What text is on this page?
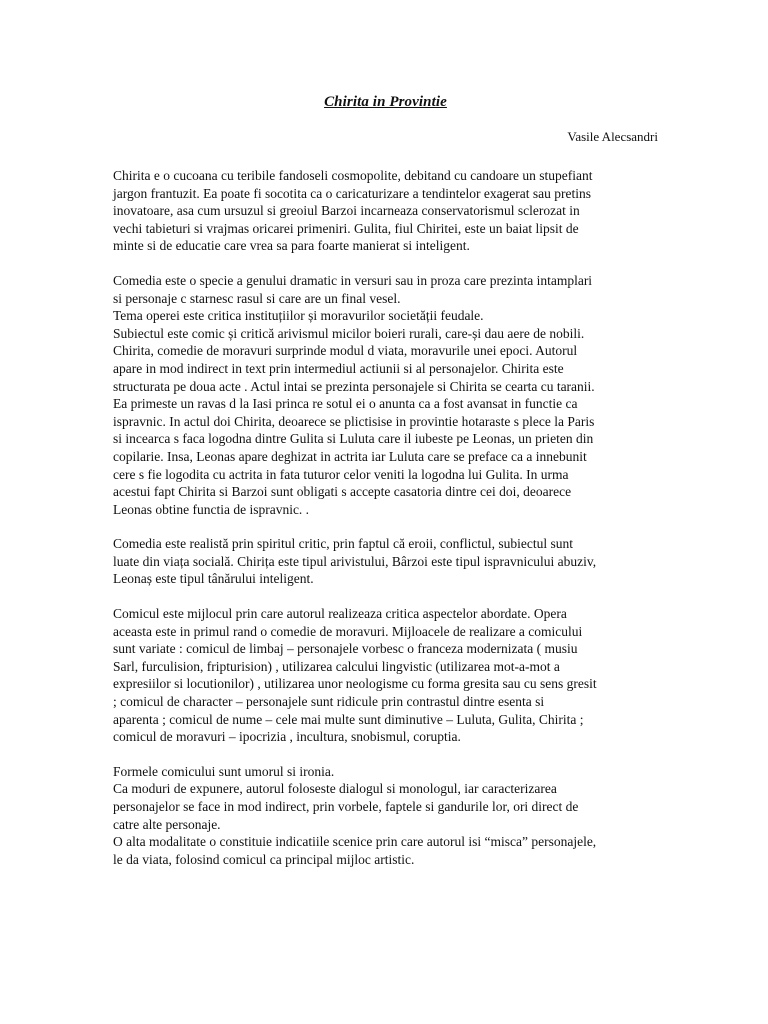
Chirita in Provintie
Vasile Alecsandri
Chirita e o cucoana cu teribile fandoseli cosmopolite, debitand cu candoare un stupefiant
jargon frantuzit. Ea poate fi socotita ca o caricaturizare a tendintelor exagerat sau pretins
inovatoare, asa cum ursuzul si greoiul Barzoi incarneaza conservatorismul sclerozat in
vechi tabieturi si vrajmas oricarei primeniri. Gulita, fiul Chiritei, este un baiat lipsit de
minte si de educatie care vrea sa para foarte manierat si inteligent.
Comedia este o specie a genului dramatic in versuri sau in proza care prezinta intamplari
si personaje c starnesc rasul si care are un final vesel.
Tema operei este critica instituțiilor și moravurilor societății feudale.
Subiectul este comic și critică arivismul micilor boieri rurali, care-și dau aere de nobili.
Chirita, comedie de moravuri surprinde modul d viata, moravurile unei epoci. Autorul
apare in mod indirect in text prin intermediul actiunii si al personajelor. Chirita este
structurata pe doua acte . Actul intai se prezinta personajele si Chirita se cearta cu taranii.
Ea primeste un ravas d la Iasi princa re sotul ei o anunta ca a fost avansat in functie ca
ispravnic. In actul doi Chirita, deoarece se plictisise in provintie hotaraste s plece la Paris
si incearca s faca logodna dintre Gulita si Luluta care il iubeste pe Leonas, un prieten din
copilarie. Insa, Leonas apare deghizat in actrita iar Luluta care se preface ca a innebunit
cere s fie logodita cu actrita in fata tuturor celor veniti la logodna lui Gulita. In urma
acestui fapt Chirita si Barzoi sunt obligati s accepte casatoria dintre cei doi, deoarece
Leonas obtine functia de ispravnic. .
Comedia este realistă prin spiritul critic, prin faptul că eroii, conflictul, subiectul sunt
luate din viața socială. Chirița este tipul arivistului, Bârzoi este tipul ispravnicului abuziv,
Leonaș este tipul tânărului inteligent.
Comicul este mijlocul prin care autorul realizeaza critica aspectelor abordate. Opera
aceasta este in primul rand o comedie de moravuri. Mijloacele de realizare a comicului
sunt variate : comicul de limbaj – personajele vorbesc o franceza modernizata ( musiu
Sarl, furculision, fripturision) , utilizarea calcului lingvistic (utilizarea mot-a-mot a
expresiilor si locutionilor) , utilizarea unor neologisme cu forma gresita sau cu sens gresit
; comicul de character – personajele sunt ridicule prin contrastul dintre esenta si
aparenta ; comicul de nume – cele mai multe sunt diminutive – Luluta, Gulita, Chirita ;
comicul de moravuri – ipocrizia , incultura, snobismul, coruptia.
Formele comicului sunt umorul si ironia.
Ca moduri de expunere, autorul foloseste dialogul si monologul, iar caracterizarea
personajelor se face in mod indirect, prin vorbele, faptele si gandurile lor, ori direct de
catre alte personaje.
O alta modalitate o constituie indicatiile scenice prin care autorul isi “misca” personajele,
le da viata, folosind comicul ca principal mijloc artistic.
